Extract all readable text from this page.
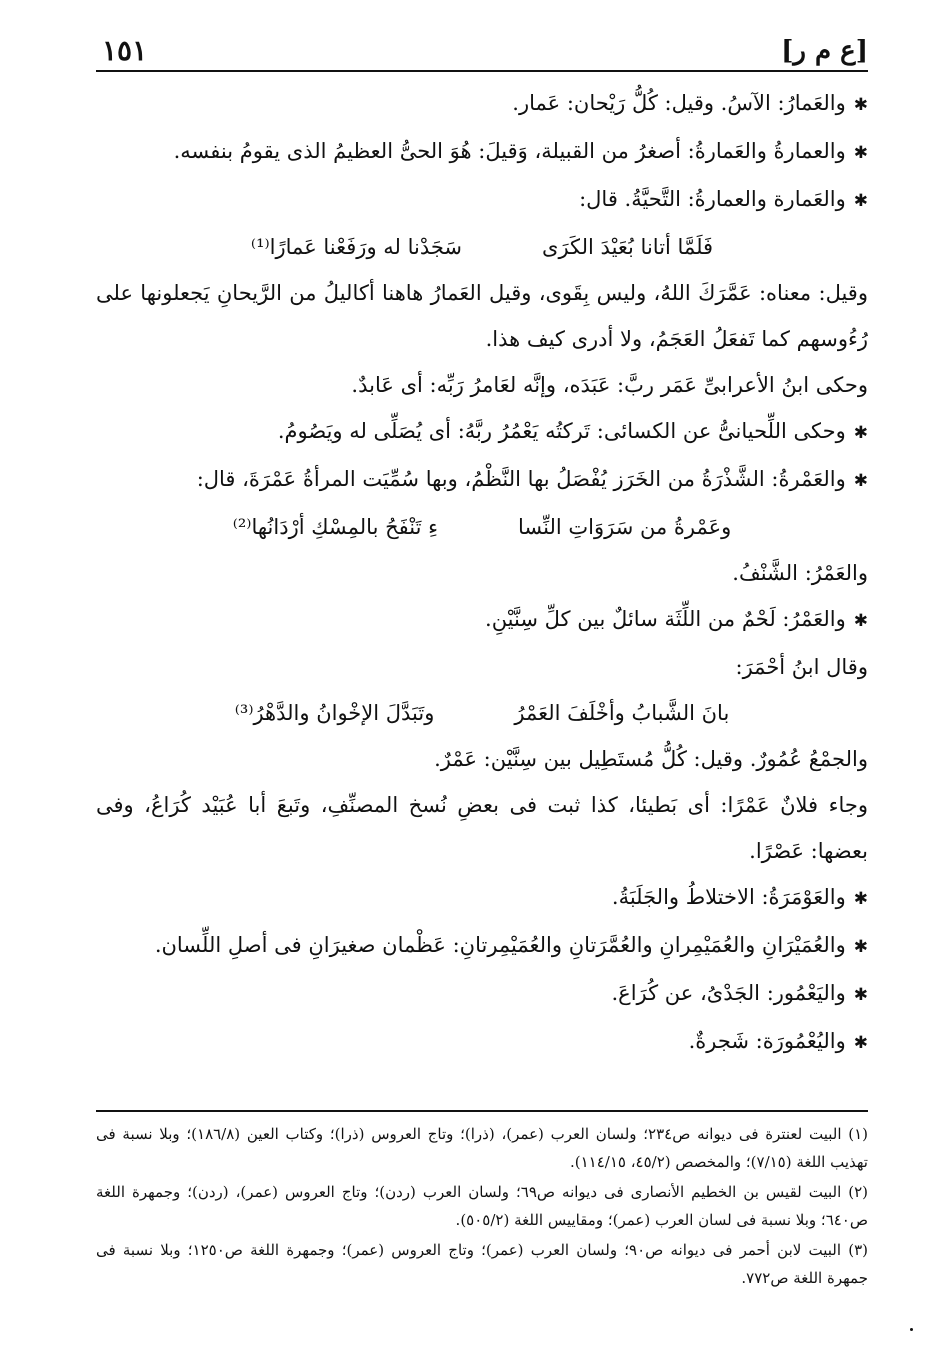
[ع م ر]
١٥١

✱ والعَمارُ: الآسُ. وقيل: كُلُّ رَيْحان: عَمار.

✱ والعمارةُ والعَمارةُ: أصغرُ من القبيلة، وَقيلَ: هُوَ الحىُّ العظيمُ الذى يقومُ بنفسه.

✱ والعَمارة والعمارةُ: التَّحيَّةُ. قال:

فَلَمَّا أتانا بُعَيْدَ الكَرَى
سَجَدْنا له ورَفَعْنا عَمارًا⁽¹⁾

وقيل: معناه: عَمَّرَكَ اللهُ، وليس بِقَوى، وقيل العَمارُ هاهنا أكاليلُ من الرَّيحانِ يَجعلونها على رُءُوسهم كما تَفعَلُ العَجَمُ، ولا أدرى كيف هذا.

وحكى ابنُ الأعرابىِّ عَمَر ربَّ: عَبَدَه، وإنَّه لعَامرُ رَبِّه: أى عَابدٌ.

✱ وحكى اللِّحيانىُّ عن الكسائى: تَركتُه يَعْمُرُ ربَّهُ: أى يُصَلِّى له ويَصُومُ.

✱ والعَمْرةُ: الشَّذْرَةُ من الخَرَز يُفْصَلُ بها النَّظْمُ، وبها سُمِّيَت المرأةُ عَمْرَةَ، قال:

وعَمْرةُ من سَرَوَاتِ النِّسا
ءِ تَنْفَحُ بالمِسْكِ أرْدَانُها⁽²⁾

والعَمْرُ: الشَّنْفُ.

✱ والعَمْرُ: لَحْمٌ من اللِّثَة سائلٌ بين كلِّ سِنَّيْنِ.

وقال ابنُ أحْمَرَ:

بانَ الشَّبابُ وأخْلَفَ العَمْرُ
وتَبَدَّلَ الإخْوانُ والدَّهْرُ⁽³⁾

والجمْعُ عُمُورٌ. وقيل: كُلُّ مُستَطِيل بين سِنَّيْن: عَمْرٌ.

وجاء فلانٌ عَمْرًا: أى بَطيئا، كذا ثبت فى بعضِ نُسخ المصنِّفِ، وتَبعَ أبا عُبَيْد كُرَاعُ، وفى بعضها: عَصْرًا.

✱ والعَوْمَرَةُ: الاختلاطُ والجَلَبَةُ.

✱ والعُمَيْرَانِ والعُمَيْمِرانِ والعُمَّرَتانِ والعُمَيْمِرتانِ: عَظْمان صغيرَانِ فى أصلِ اللِّسان.

✱ واليَعْمُور: الجَدْىُ، عن كُرَاعَ.

✱ واليُعْمُورَة: شَجرةٌ.

(١) البيت لعنترة فى ديوانه ص٢٣٤؛ ولسان العرب (عمر)، (ذرا)؛ وتاج العروس (ذرا)؛ وكتاب العين (١٨٦/٨)؛ وبلا نسبة فى تهذيب اللغة (٧/١٥)؛ والمخصص (٤٥/٢، ١١٤/١٥).

(٢) البيت لقيس بن الخطيم الأنصارى فى ديوانه ص٦٩؛ ولسان العرب (ردن)؛ وتاج العروس (عمر)، (ردن)؛ وجمهرة اللغة ص٦٤٠؛ وبلا نسبة فى لسان العرب (عمر)؛ ومقاييس اللغة (٥٠٥/٢).

(٣) البيت لابن أحمر فى ديوانه ص٩٠؛ ولسان العرب (عمر)؛ وتاج العروس (عمر)؛ وجمهرة اللغة ص١٢٥٠؛ وبلا نسبة فى جمهرة اللغة ص٧٧٢.
